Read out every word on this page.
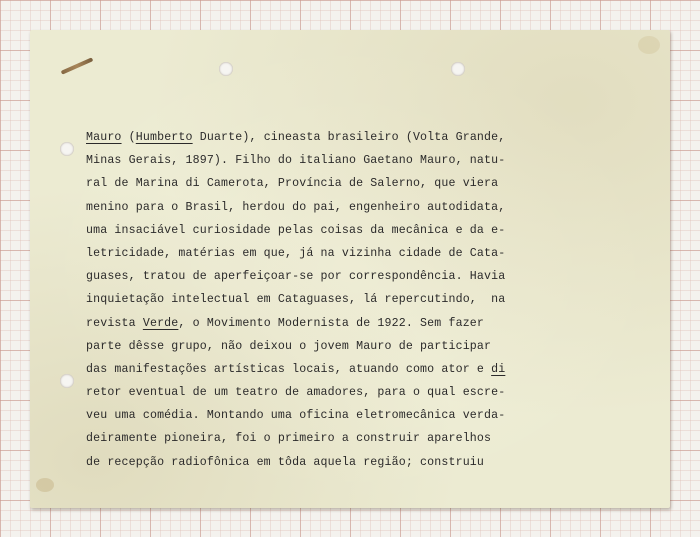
Mauro (Humberto Duarte), cineasta brasileiro (Volta Grande,
Minas Gerais, 1897). Filho do italiano Gaetano Mauro, natu-
ral de Marina di Camerota, Província de Salerno, que viera
menino para o Brasil, herdou do pai, engenheiro autodidata,
uma insaciável curiosidade pelas coisas da mecânica e da e-
letricidade, matérias em que, já na vizinha cidade de Cata-
guases, tratou de aperfeiçoar-se por correspondência. Havia
inquietação intelectual em Cataguases, lá repercutindo,  na
revista Verde, o Movimento Modernista de 1922. Sem fazer
parte dêsse grupo, não deixou o jovem Mauro de participar
das manifestações artísticas locais, atuando como ator e di
retor eventual de um teatro de amadores, para o qual escre-
veu uma comédia. Montando uma oficina eletromecânica verda-
deiramente pioneira, foi o primeiro a construir aparelhos
de recepção radiofônica em tôda aquela região; construiu
